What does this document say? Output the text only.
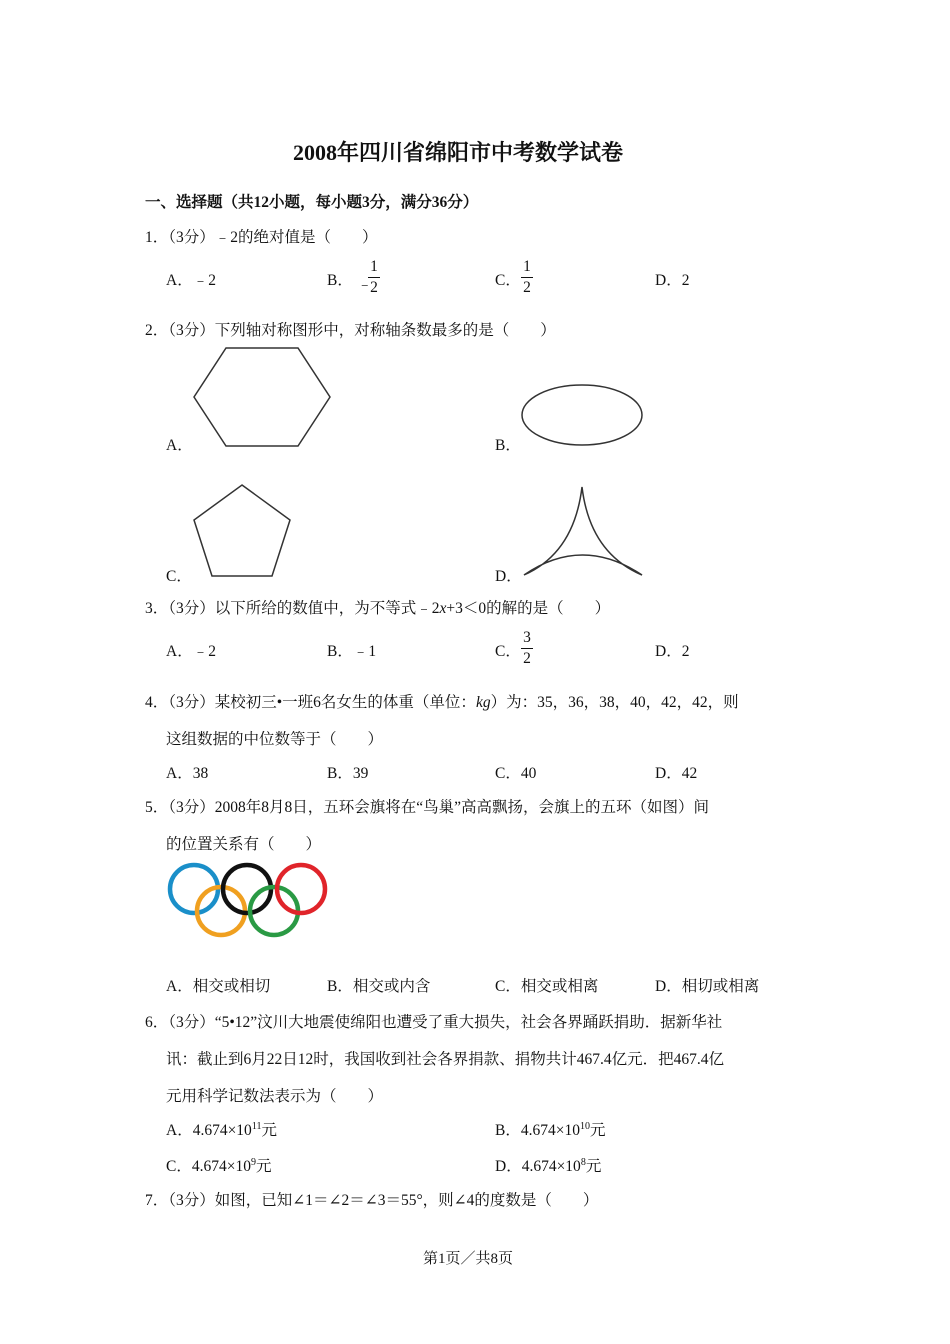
2008年四川省绵阳市中考数学试卷
一、选择题（共12小题，每小题3分，满分36分）
1．（3分）﹣2的绝对值是（　　）
A．﹣2	B． ﹣
1
2	C．
1
2	D．2
2．（3分）下列轴对称图形中，对称轴条数最多的是（　　）
A．	B．
C．	D．
3．（3分）以下所给的数值中，为不等式﹣2x+3＜0的解的是（　　）
A．﹣2	B．﹣1	C．
3
2	D．2
4．（3分）某校初三•一班6名女生的体重（单位：kg）为：35，36，38，40，42，42，则
这组数据的中位数等于（　　）
A．38	B．39	C．40	D．42
5．（3分）2008年8月8日，五环会旗将在“鸟巢”高高飘扬，会旗上的五环（如图）间
的位置关系有（　　）
A．相交或相切	B．相交或内含	C．相交或相离	D．相切或相离
6．（3分）“5•12”汶川大地震使绵阳也遭受了重大损失，社会各界踊跃捐助．据新华社
讯：截止到6月22日12时，我国收到社会各界捐款、捐物共计467.4亿元．把467.4亿
元用科学记数法表示为（　　）
A．$4.674\times 10^{11}$元	B．$4.674\times 10^{10}$元
C．$4.674\times 10^9$元	D．$4.674\times 10^8$元
7．（3分）如图，已知∠1＝∠2＝∠3＝55°，则∠4的度数是（　　）
第1页／共8页
